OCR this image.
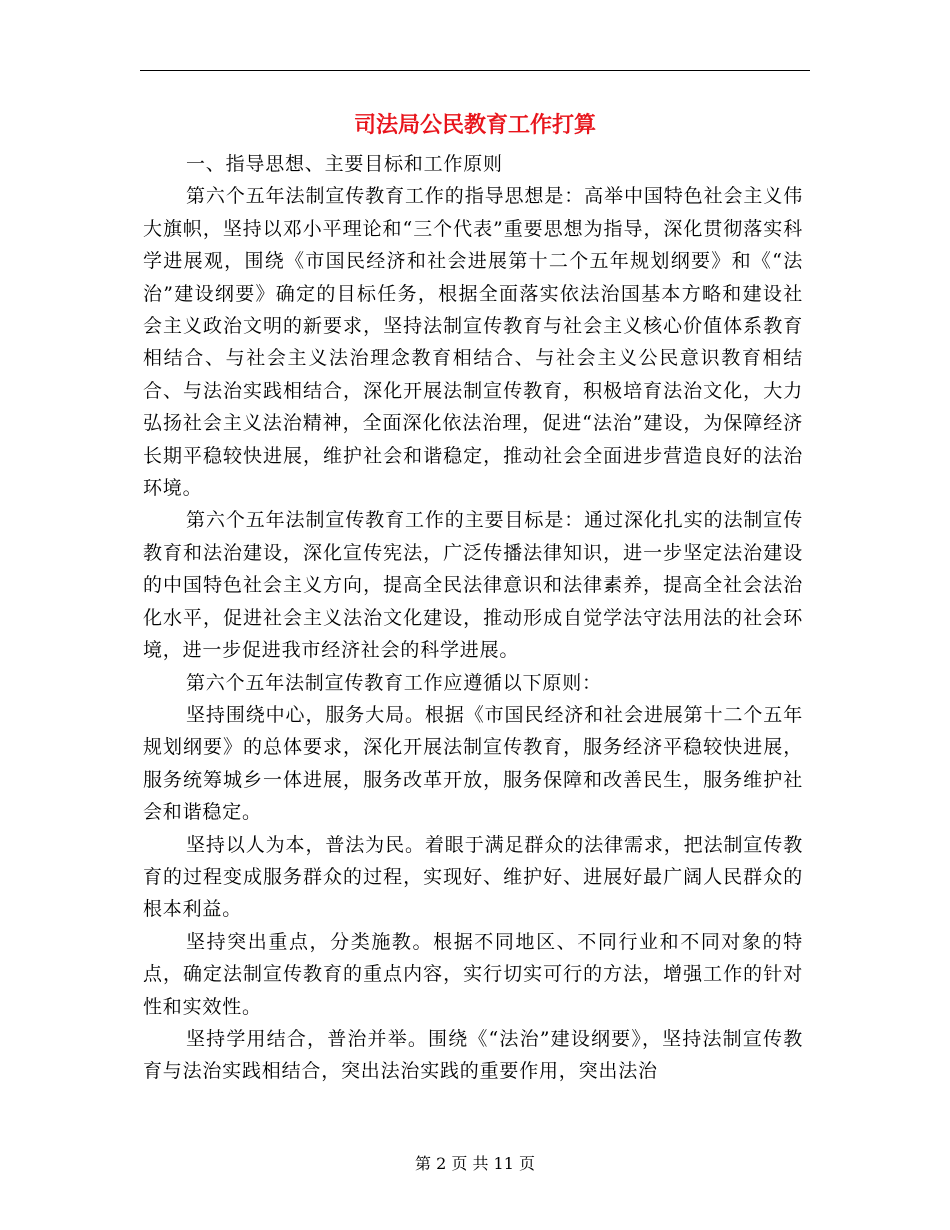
司法局公民教育工作打算

一、指导思想、主要目标和工作原则

第六个五年法制宣传教育工作的指导思想是：高举中国特色社会主义伟大旗帜，坚持以邓小平理论和“三个代表”重要思想为指导，深化贯彻落实科学进展观，围绕《市国民经济和社会进展第十二个五年规划纲要》和《“法治”建设纲要》确定的目标任务，根据全面落实依法治国基本方略和建设社会主义政治文明的新要求，坚持法制宣传教育与社会主义核心价值体系教育相结合、与社会主义法治理念教育相结合、与社会主义公民意识教育相结合、与法治实践相结合，深化开展法制宣传教育，积极培育法治文化，大力弘扬社会主义法治精神，全面深化依法治理，促进“法治”建设，为保障经济长期平稳较快进展，维护社会和谐稳定，推动社会全面进步营造良好的法治环境。

第六个五年法制宣传教育工作的主要目标是：通过深化扎实的法制宣传教育和法治建设，深化宣传宪法，广泛传播法律知识，进一步坚定法治建设的中国特色社会主义方向，提高全民法律意识和法律素养，提高全社会法治化水平，促进社会主义法治文化建设，推动形成自觉学法守法用法的社会环境，进一步促进我市经济社会的科学进展。

第六个五年法制宣传教育工作应遵循以下原则：

坚持围绕中心，服务大局。根据《市国民经济和社会进展第十二个五年规划纲要》的总体要求，深化开展法制宣传教育，服务经济平稳较快进展，服务统筹城乡一体进展，服务改革开放，服务保障和改善民生，服务维护社会和谐稳定。

坚持以人为本，普法为民。着眼于满足群众的法律需求，把法制宣传教育的过程变成服务群众的过程，实现好、维护好、进展好最广阔人民群众的根本利益。

坚持突出重点，分类施教。根据不同地区、不同行业和不同对象的特点，确定法制宣传教育的重点内容，实行切实可行的方法，增强工作的针对性和实效性。

坚持学用结合，普治并举。围绕《“法治”建设纲要》，坚持法制宣传教育与法治实践相结合，突出法治实践的重要作用，突出法治

第 2 页 共 11 页
